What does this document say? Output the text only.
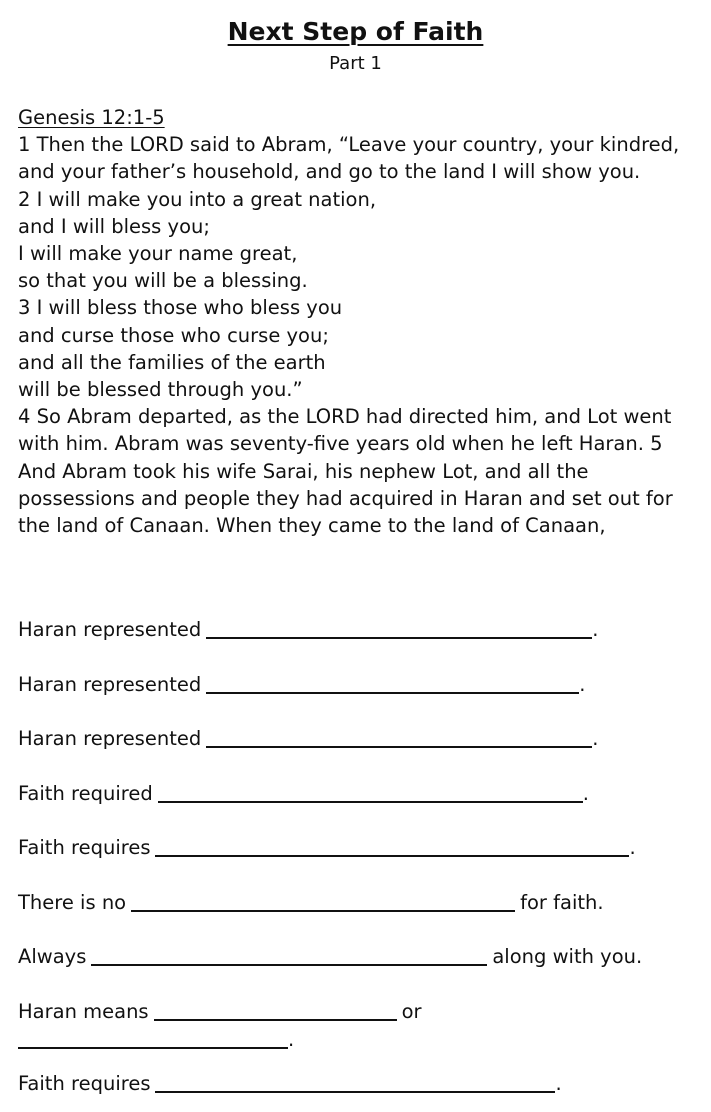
Next Step of Faith
Part 1
Genesis 12:1-5
1 Then the LORD said to Abram, “Leave your country, your kindred, and your father’s household, and go to the land I will show you.
2 I will make you into a great nation,
and I will bless you;
I will make your name great,
so that you will be a blessing.
3 I will bless those who bless you
and curse those who curse you;
and all the families of the earth
will be blessed through you.”
4 So Abram departed, as the LORD had directed him, and Lot went with him. Abram was seventy-five years old when he left Haran. 5 And Abram took his wife Sarai, his nephew Lot, and all the possessions and people they had acquired in Haran and set out for the land of Canaan. When they came to the land of Canaan,
Haran represented	.
Haran represented	.
Haran represented	.
Faith required	.
Faith requires	.
There is no	for faith.
Always	along with you.
Haran means	or
.
Faith requires	.
